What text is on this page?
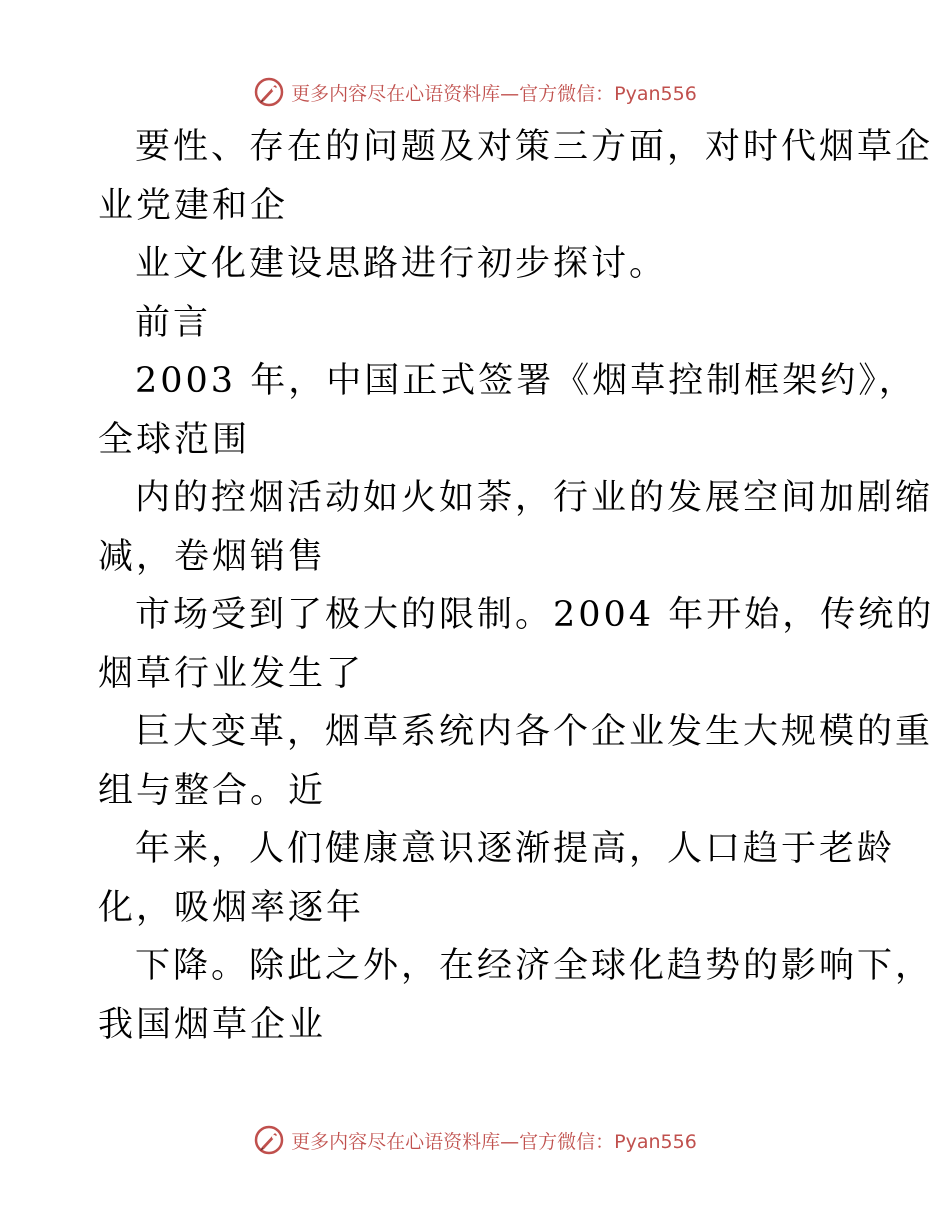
更多内容尽在心语资料库—官方微信：Pyan556
要性、存在的问题及对策三方面，对时代烟草企
业党建和企
业文化建设思路进行初步探讨。
前言
2003 年，中国正式签署《烟草控制框架约》，
全球范围
内的控烟活动如火如荼，行业的发展空间加剧缩
减，卷烟销售
市场受到了极大的限制。2004 年开始，传统的
烟草行业发生了
巨大变革，烟草系统内各个企业发生大规模的重
组与整合。近
年来，人们健康意识逐渐提高，人口趋于老龄
化，吸烟率逐年
下降。除此之外，在经济全球化趋势的影响下，
我国烟草企业
更多内容尽在心语资料库—官方微信：Pyan556
